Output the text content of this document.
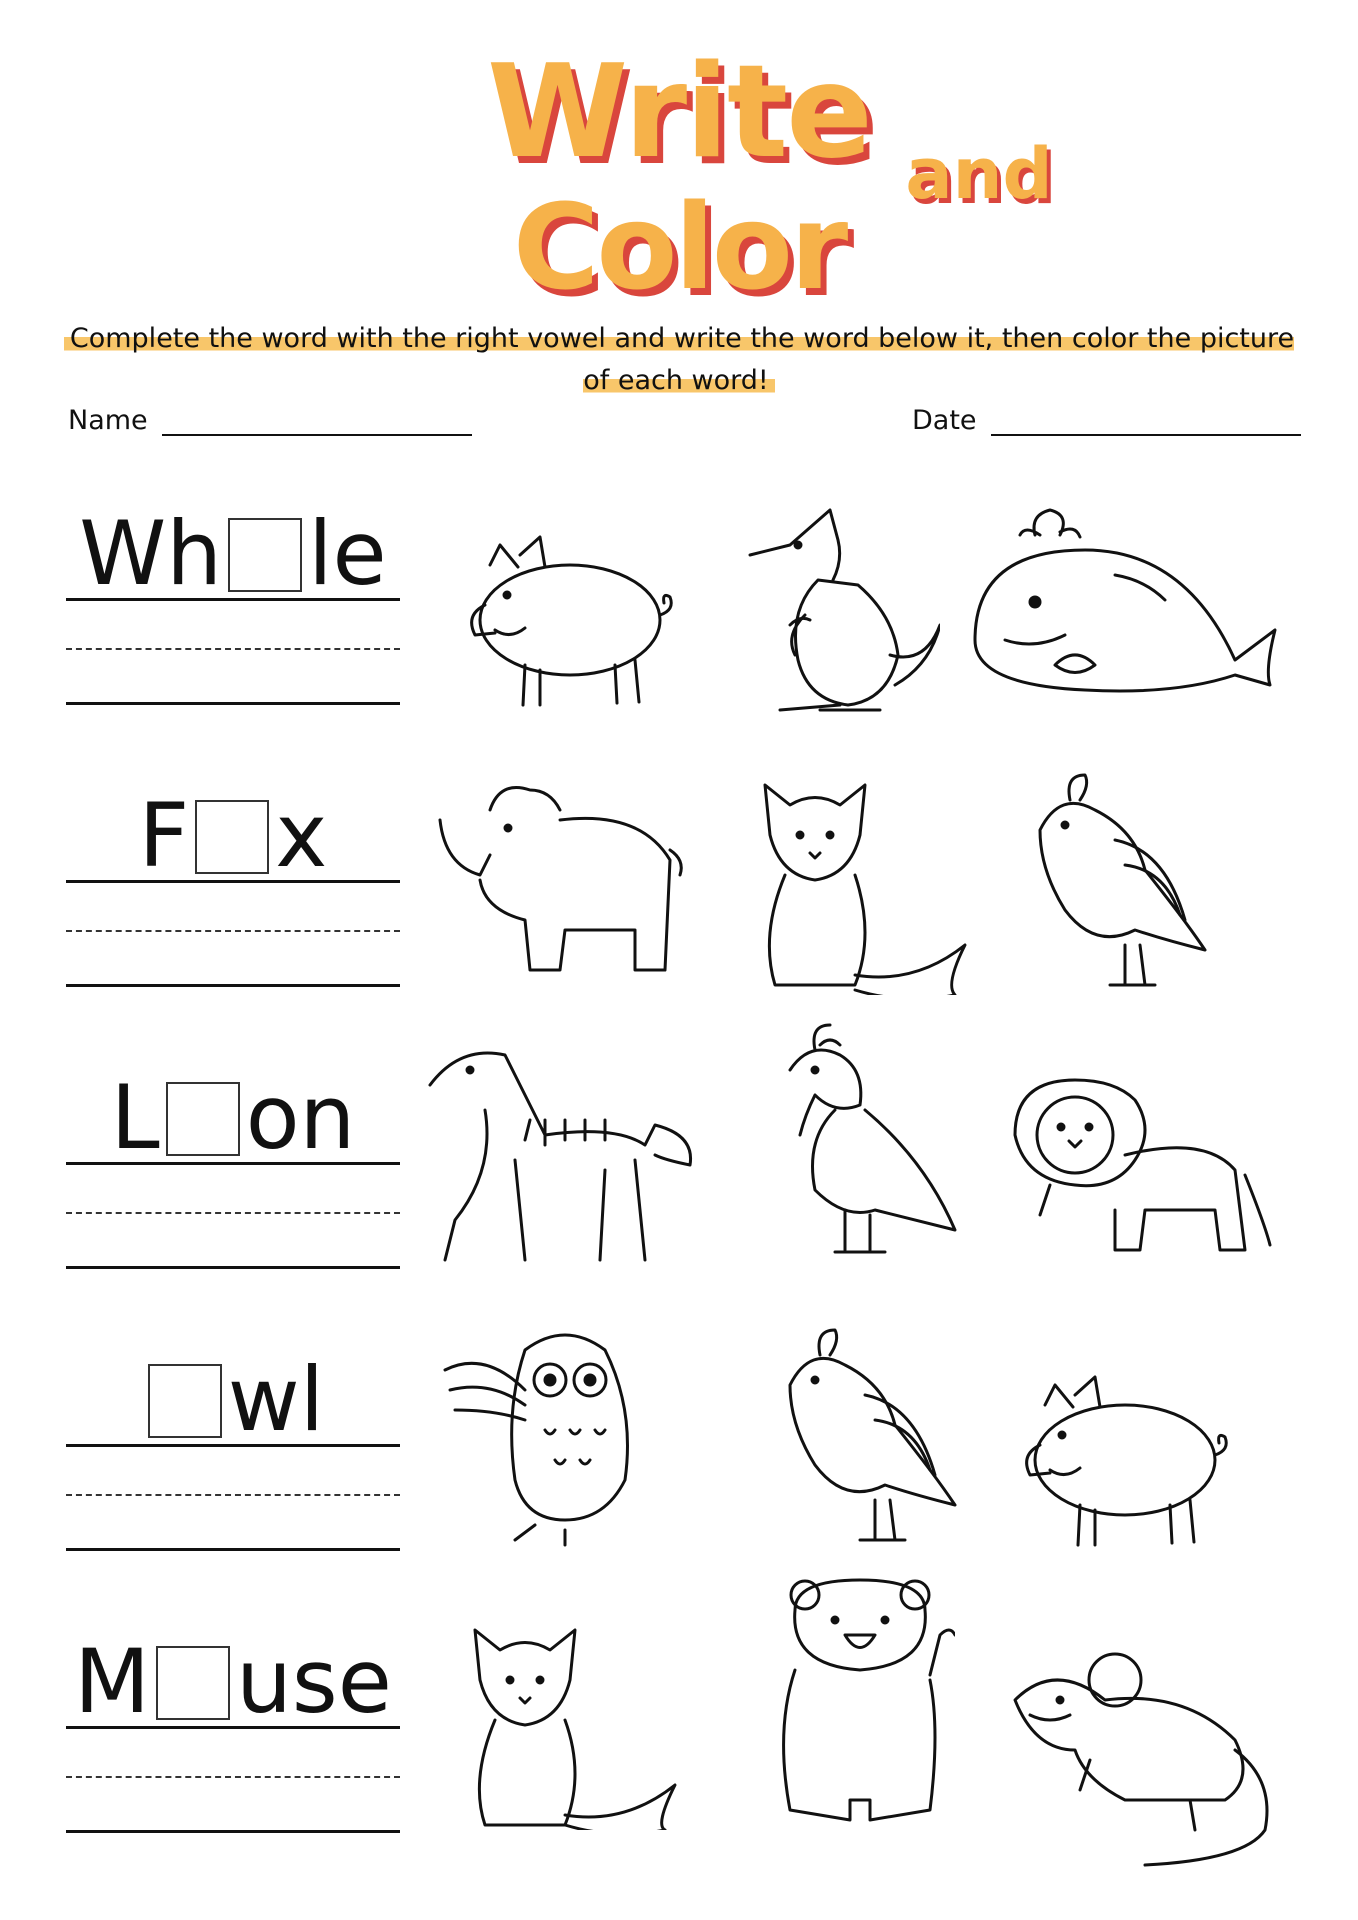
Write and
Color
Complete the word with the right vowel and write the word below it, then color the picture of each word!
Name	Date
Wh le
F x
L on
wl
M use
